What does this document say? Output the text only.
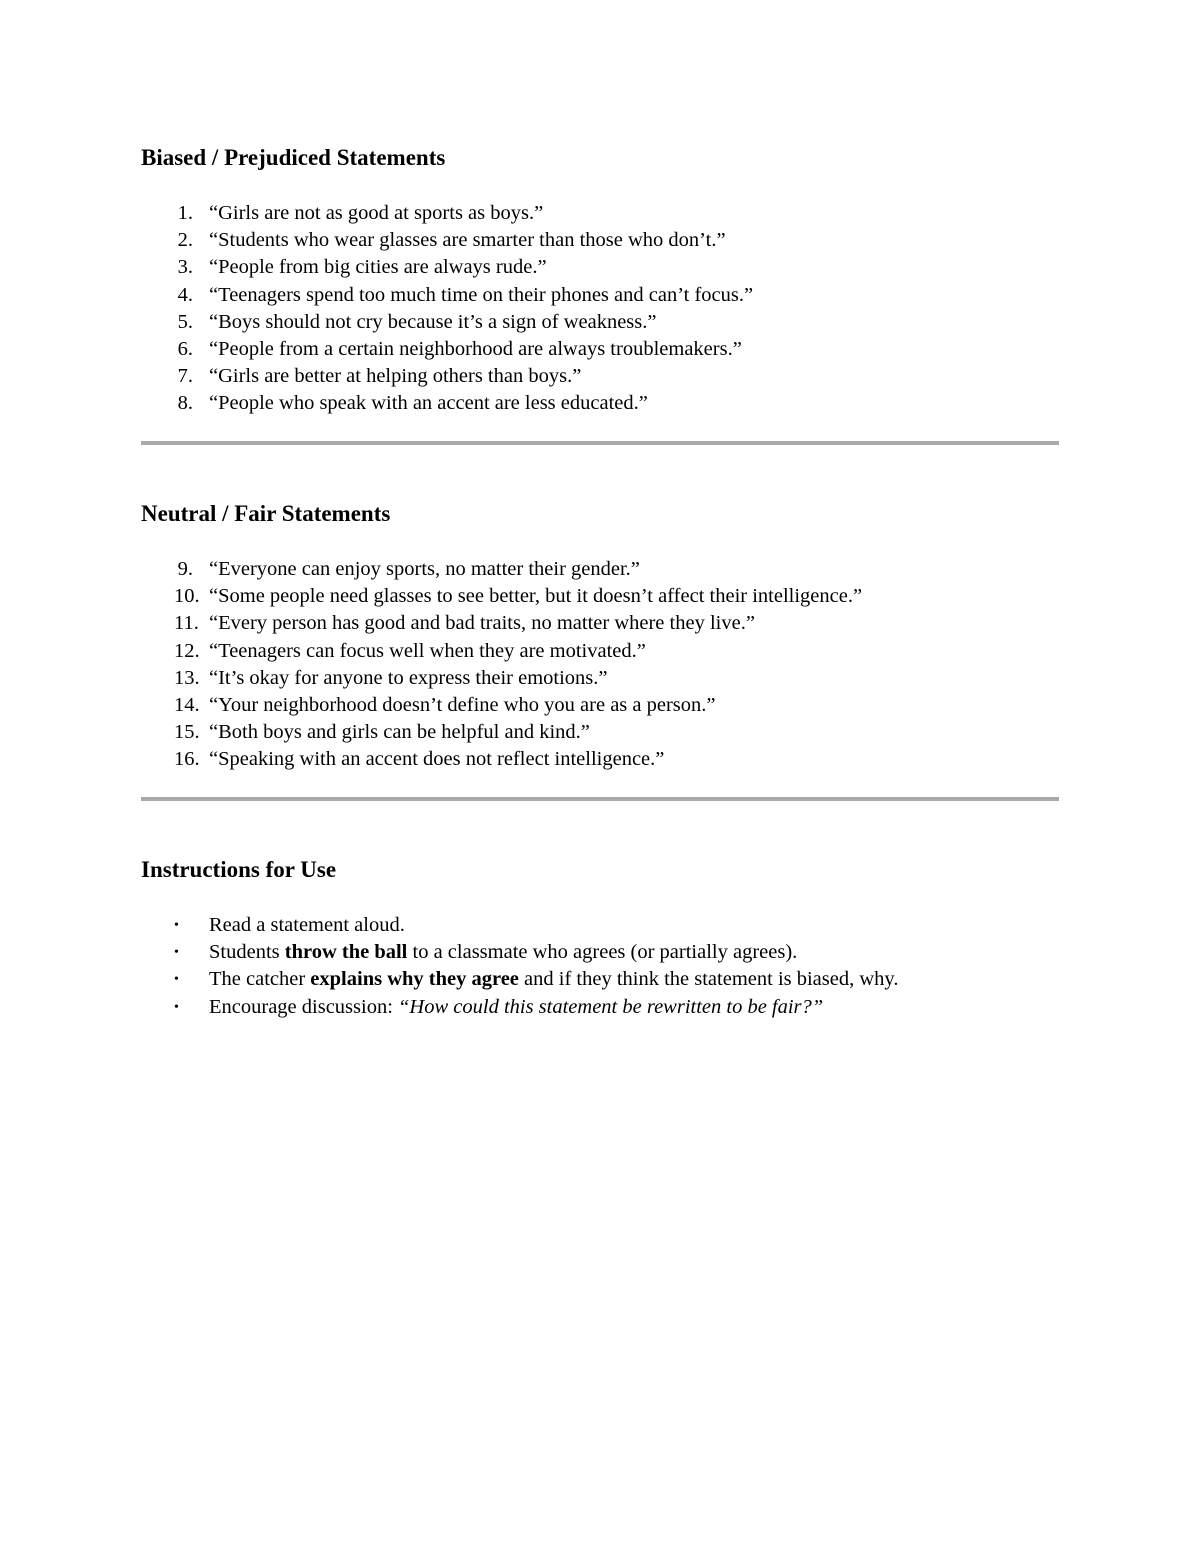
Biased / Prejudiced Statements
1. “Girls are not as good at sports as boys.”
2. “Students who wear glasses are smarter than those who don’t.”
3. “People from big cities are always rude.”
4. “Teenagers spend too much time on their phones and can’t focus.”
5. “Boys should not cry because it’s a sign of weakness.”
6. “People from a certain neighborhood are always troublemakers.”
7. “Girls are better at helping others than boys.”
8. “People who speak with an accent are less educated.”
Neutral / Fair Statements
9. “Everyone can enjoy sports, no matter their gender.”
10. “Some people need glasses to see better, but it doesn’t affect their intelligence.”
11. “Every person has good and bad traits, no matter where they live.”
12. “Teenagers can focus well when they are motivated.”
13. “It’s okay for anyone to express their emotions.”
14. “Your neighborhood doesn’t define who you are as a person.”
15. “Both boys and girls can be helpful and kind.”
16. “Speaking with an accent does not reflect intelligence.”
Instructions for Use
• Read a statement aloud.
• Students throw the ball to a classmate who agrees (or partially agrees).
• The catcher explains why they agree and if they think the statement is biased, why.
• Encourage discussion: “How could this statement be rewritten to be fair?”
